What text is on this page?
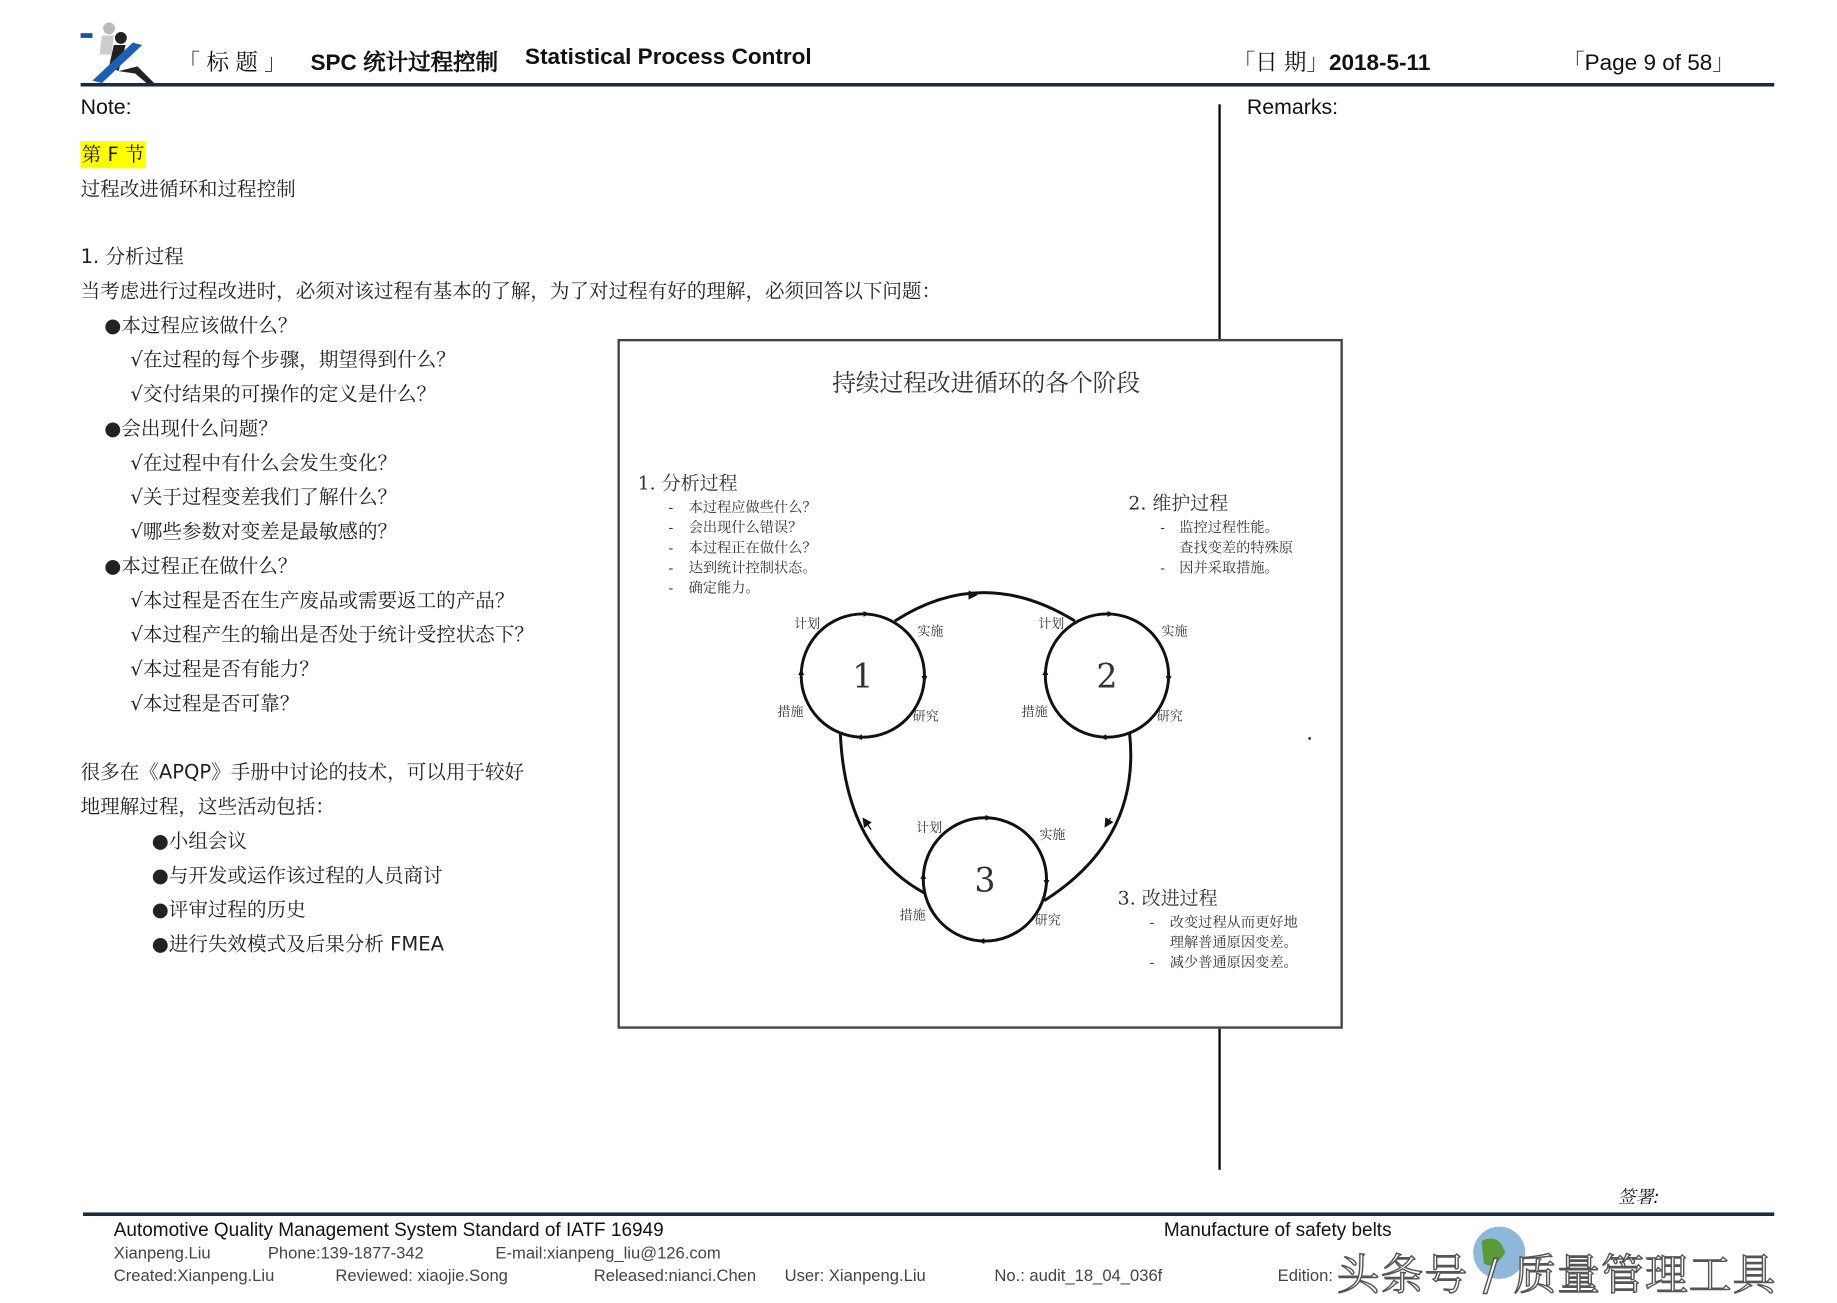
「 标 题 」 SPC 统计过程控制 Statistical Process Control	「日 期」2018-5-11	「Page 9 of 58」
Note:	Remarks:
第 F 节
过程改进循环和过程控制
1. 分析过程
当考虑进行过程改进时，必须对该过程有基本的了解，为了对过程有好的理解，必须回答以下问题：
●本过程应该做什么？
√在过程的每个步骤，期望得到什么？
√交付结果的可操作的定义是什么？
●会出现什么问题？
√在过程中有什么会发生变化？
√关于过程变差我们了解什么？
√哪些参数对变差是最敏感的？
●本过程正在做什么？
√本过程是否在生产废品或需要返工的产品？
√本过程产生的输出是否处于统计受控状态下？
√本过程是否有能力？
√本过程是否可靠？
很多在《APQP》手册中讨论的技术，可以用于较好
地理解过程，这些活动包括：
●小组会议
●与开发或运作该过程的人员商讨
●评审过程的历史
●进行失效模式及后果分析 FMEA
持续过程改进循环的各个阶段
1
计划	实施
措施	研究
2
计划	实施
措施	研究
3
计划	实施
措施	研究
1. 分析过程
- 本过程应做些什么？
- 会出现什么错误？
- 本过程正在做什么？
- 达到统计控制状态。
- 确定能力。
2. 维护过程
- 监控过程性能。
查找变差的特殊原
- 因并采取措施。
3. 改进过程
- 改变过程从而更好地
理解普通原因变差。
- 减少普通原因变差。
签署:
Automotive Quality Management System Standard of IATF 16949	Manufacture of safety belts
Xianpeng.Liu	Phone:139-1877-342	E-mail:xianpeng_liu@126.com
Created:Xianpeng.Liu	Reviewed: xiaojie.Song	Released:nianci.Chen User: Xianpeng.Liu	No.: audit_18_04_036f	Edition: 头条号 / 质量管理工具
